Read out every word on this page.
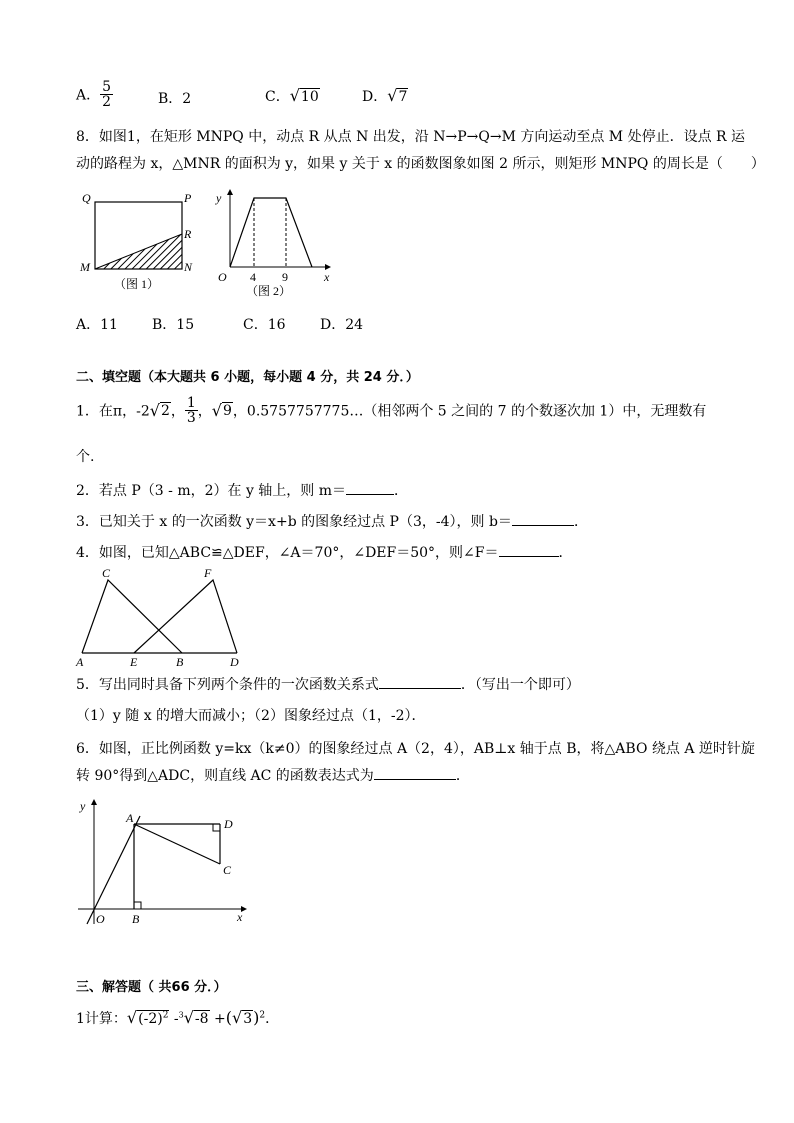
A． $\frac{5}{2}$	B．2	C．√10	D．√7
8．如图1，在矩形 MNPQ 中，动点 R 从点 N 出发，沿 N→P→Q→M 方向运动至点 M 处停止．设点 R 运
动的路程为 x，△MNR 的面积为 y，如果 y 关于 x 的函数图象如图 2 所示，则矩形 MNPQ 的周长是（　　）
Q	P
R
M	N
（图 1）
y
x
O 4 9
（图 2）
A．11 B．15	C．16 D．24
二、填空题（本大题共 6 小题，每小题 4 分，共 24 分．）
1．在π，-2√2， $\frac{1}{3}$ ，√9，0.5757757775…（相邻两个 5 之间的 7 的个数逐次加 1）中，无理数有
个.
2．若点 P（3 - m，2）在 y 轴上，则 m＝	．
3．已知关于 x 的一次函数 y＝x+b 的图象经过点 P（3，-4），则 b＝	．
4．如图，已知△ABC≌△DEF，∠A＝70°，∠DEF＝50°，则∠F＝	．
C	F
A	E	B	D
5．写出同时具备下列两个条件的一次函数关系式	．（写出一个即可）
（1）y 随 x 的增大而减小；（2）图象经过点（1，-2）．
6．如图，正比例函数 y=kx（k≠0）的图象经过点 A（2，4），AB⊥x 轴于点 B，将△ABO 绕点 A 逆时针旋
转 90°得到△ADC，则直线 AC 的函数表达式为	．
y
x
A	D
C
O B
三、解答题（ 共66 分．）
1计算：$√(-2)^2$ $-^3√-8 +(√3)^2$．
